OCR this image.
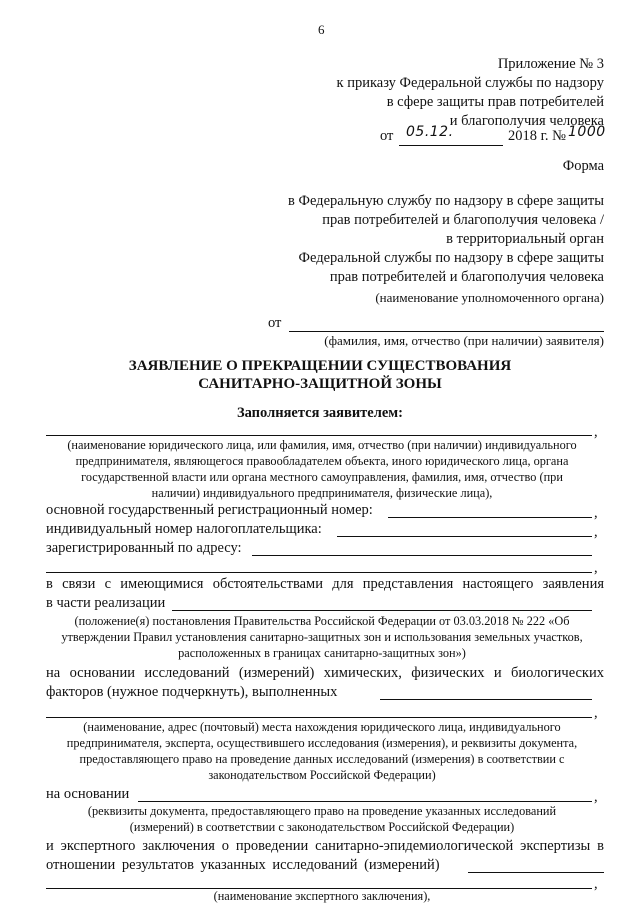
6
Приложение № 3
к приказу Федеральной службы по надзору
в сфере защиты прав потребителей
и благополучия человека
от 05.12.	2018 г. № 1000
Форма
в Федеральную службу по надзору в сфере защиты
прав потребителей и благополучия человека /
в территориальный орган
Федеральной службы по надзору в сфере защиты
прав потребителей и благополучия человека
(наименование уполномоченного органа)
от
(фамилия, имя, отчество (при наличии) заявителя)
ЗАЯВЛЕНИЕ О ПРЕКРАЩЕНИИ СУЩЕСТВОВАНИЯ
САНИТАРНО-ЗАЩИТНОЙ ЗОНЫ
Заполняется заявителем:
,
(наименование юридического лица, или фамилия, имя, отчество (при наличии) индивидуального
предпринимателя, являющегося правообладателем объекта, иного юридического лица, органа
государственной власти или органа местного самоуправления, фамилия, имя, отчество (при
наличии) индивидуального предпринимателя, физические лица),
основной государственный регистрационный номер:	,
индивидуальный номер налогоплательщика:	,
зарегистрированный по адресу:
,
в связи с имеющимися обстоятельствами для представления настоящего заявления
в части реализации
(положение(я) постановления Правительства Российской Федерации от 03.03.2018 № 222 «Об
утверждении Правил установления санитарно-защитных зон и использования земельных участков,
расположенных в границах санитарно-защитных зон»)
на основании исследований (измерений) химических, физических и биологических
факторов (нужное подчеркнуть), выполненных
,
(наименование, адрес (почтовый) места нахождения юридического лица, индивидуального
предпринимателя, эксперта, осуществившего исследования (измерения), и реквизиты документа,
предоставляющего право на проведение данных исследований (измерения) в соответствии с
законодательством Российской Федерации)
на основании	,
(реквизиты документа, предоставляющего право на проведение указанных исследований
(измерений) в соответствии с законодательством Российской Федерации)
и экспертного заключения о проведении санитарно-эпидемиологической экспертизы в
отношении результатов указанных исследований (измерений)
,
(наименование экспертного заключения),
